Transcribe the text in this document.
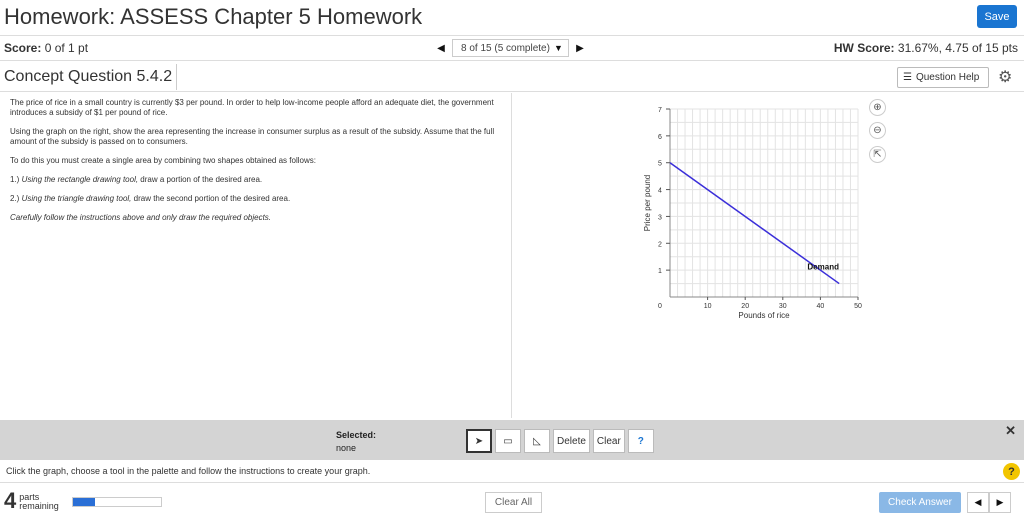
Homework: ASSESS Chapter 5 Homework	Save
Score: 0 of 1 pt	◀ 8 of 15 (5 complete) ▼ ▶	HW Score: 31.67%, 4.75 of 15 pts
Concept Question 5.4.2	☰ Question Help ⚙

The price of rice in a small country is currently $3 per pound. In order to help low-income people afford an adequate diet, the government introduces a subsidy of $1 per pound of rice.

Using the graph on the right, show the area representing the increase in consumer surplus as a result of the subsidy. Assume that the full amount of the subsidy is passed on to consumers.

To do this you must create a single area by combining two shapes obtained as follows:

1.) Using the rectangle drawing tool, draw a portion of the desired area.

2.) Using the triangle drawing tool, draw the second portion of the desired area.

Carefully follow the instructions above and only draw the required objects.

1
2
3
4
5
6
7
10	20	30	40	50
0
Pounds of rice
Price per pound
Demand
⊕
⊖
⇱
Selected:
none
➤ ▭ ◺	Delete	Clear	?
✕
Click the graph, choose a tool in the palette and follow the instructions to create your graph.	?
4 parts
remaining	Clear All	Check Answer	◀ ▶
